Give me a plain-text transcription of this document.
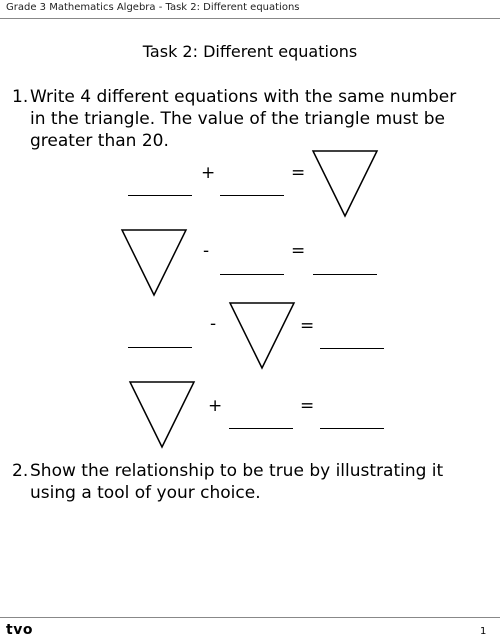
Grade 3 Mathematics Algebra - Task 2: Different equations
Task 2: Different equations
1. Write 4 different equations with the same number in the triangle. The value of the triangle must be greater than 20.
+	=
-	=
-	=
+	=
2. Show the relationship to be true by illustrating it using a tool of your choice.
tvo	1
